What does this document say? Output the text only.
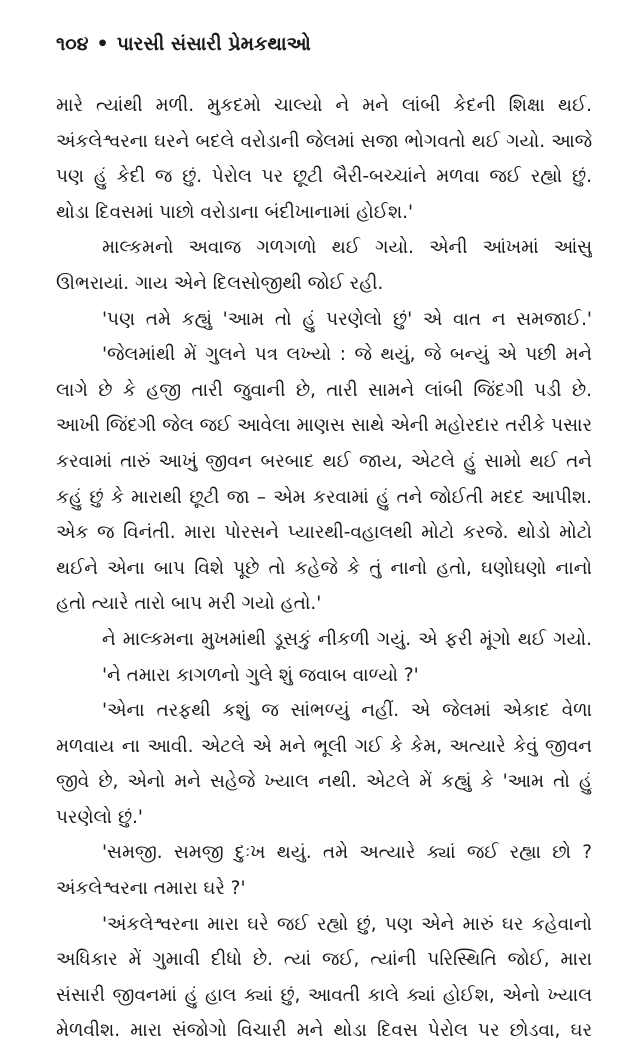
૧૦૪ • પારસી સંસારી પ્રેમકથાઓ
મારે ત્યાંથી મળી. મુકદમો ચાલ્યો ને મને લાંબી કેદની શિક્ષા થઈ.
અંકલેશ્વરના ઘરને બદલે વરોડાની જેલમાં સજા ભોગવતો થઈ ગયો. આજે
પણ હું કેદી જ છું. પેરોલ પર છૂટી બૈરી-બચ્ચાંને મળવા જઈ રહ્યો છું.
થોડા દિવસમાં પાછો વરોડાના બંદીખાનામાં હોઈશ.'
માલ્કમનો અવાજ ગળગળો થઈ ગયો. એની આંખમાં આંસુ
ઊભરાયાં. ગાય એને દિલસોજીથી જોઈ રહી.
'પણ તમે કહ્યું 'આમ તો હું પરણેલો છું' એ વાત ન સમજાઈ.'
'જેલમાંથી મેં ગુલને પત્ર લખ્યો : જે થયું, જે બન્યું એ પછી મને
લાગે છે કે હજી તારી જુવાની છે, તારી સામને લાંબી જિંદગી પડી છે.
આખી જિંદગી જેલ જઈ આવેલા માણસ સાથે એની મહોરદાર તરીકે પસાર
કરવામાં તારું આખું જીવન બરબાદ થઈ જાય, એટલે હું સામો થઈ તને
કહું છું કે મારાથી છૂટી જા – એમ કરવામાં હું તને જોઈતી મદદ આપીશ.
એક જ વિનંતી. મારા પોરસને પ્યારથી-વહાલથી મોટો કરજે. થોડો મોટો
થઈને એના બાપ વિશે પૂછે તો કહેજે કે તું નાનો હતો, ઘણોઘણો નાનો
હતો ત્યારે તારો બાપ મરી ગયો હતો.'
ને માલ્કમના મુખમાંથી ડૂસકું નીકળી ગયું. એ ફરી મૂંગો થઈ ગયો.
'ને તમારા કાગળનો ગુલે શું જવાબ વાળ્યો ?'
'એના તરફથી કશું જ સાંભળ્યું નહીં. એ જેલમાં એકાદ વેળા
મળવાય ના આવી. એટલે એ મને ભૂલી ગઈ કે કેમ, અત્યારે કેવું જીવન
જીવે છે, એનો મને સહેજે ખ્યાલ નથી. એટલે મેં કહ્યું કે 'આમ તો હું
પરણેલો છું.'
'સમજી. સમજી દુઃખ થયું. તમે અત્યારે ક્યાં જઈ રહ્યા છો ?
અંકલેશ્વરના તમારા ઘરે ?'
'અંકલેશ્વરના મારા ઘરે જઈ રહ્યો છું, પણ એને મારું ઘર કહેવાનો
અધિકાર મેં ગુમાવી દીધો છે. ત્યાં જઈ, ત્યાંની પરિસ્થિતિ જોઈ, મારા
સંસારી જીવનમાં હું હાલ ક્યાં છું, આવતી કાલે ક્યાં હોઈશ, એનો ખ્યાલ
મેળવીશ. મારા સંજોગો વિચારી મને થોડા દિવસ પેરોલ પર છોડવા, ઘર
